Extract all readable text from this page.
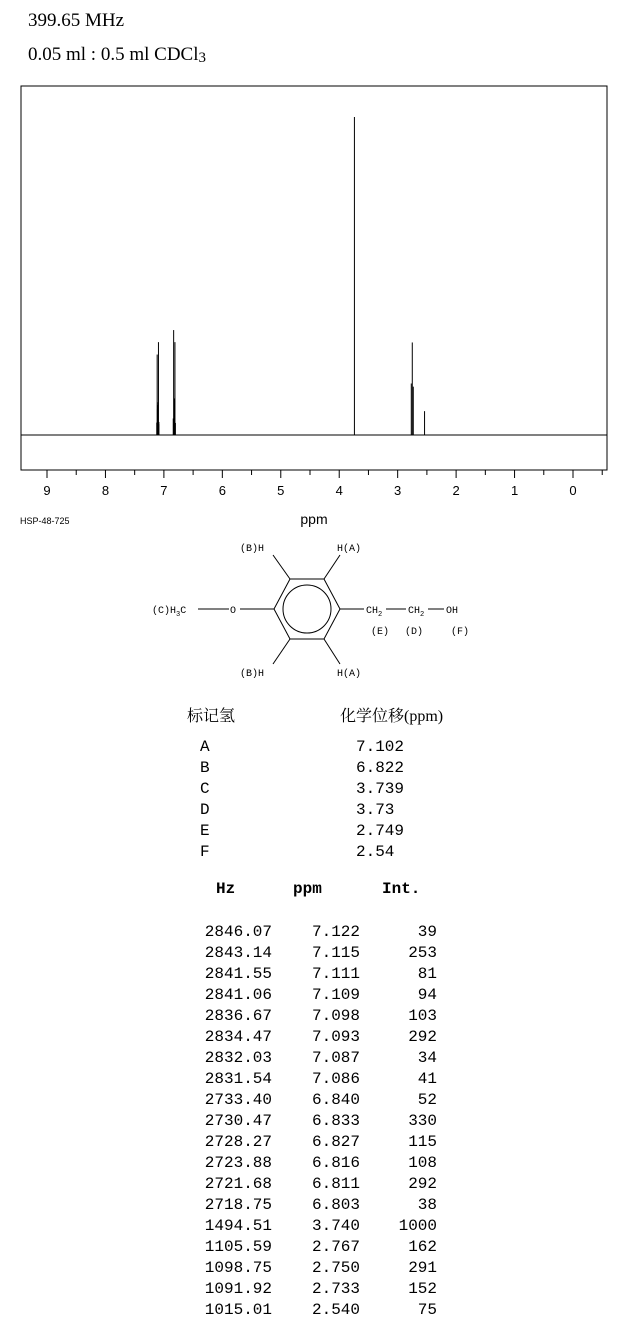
399.65 MHz
0.05 ml : 0.5 ml CDCl$_3$
9	8	7	6	5	4	3	2	1	0
ppm
HSP-48-725
(B)H	H(A)
(B)H	H(A)
$(C)H_3C$	O	$CH_2$	$CH_2$ OH
(E) (D)	(F)
标记氢	化学位移(ppm)
A	7.102
B	6.822
C	3.739
D	3.73
E	2.749
F	2.54
Hz	ppm	Int.
2846.07 7.122	39
2843.14 7.115	253
2841.55 7.111	81
2841.06 7.109	94
2836.67 7.098	103
2834.47 7.093	292
2832.03 7.087	34
2831.54 7.086	41
2733.40 6.840	52
2730.47 6.833	330
2728.27 6.827	115
2723.88 6.816	108
2721.68 6.811	292
2718.75 6.803	38
1494.51 3.740 1000
1105.59 2.767	162
1098.75 2.750	291
1091.92 2.733	152
1015.01 2.540	75
